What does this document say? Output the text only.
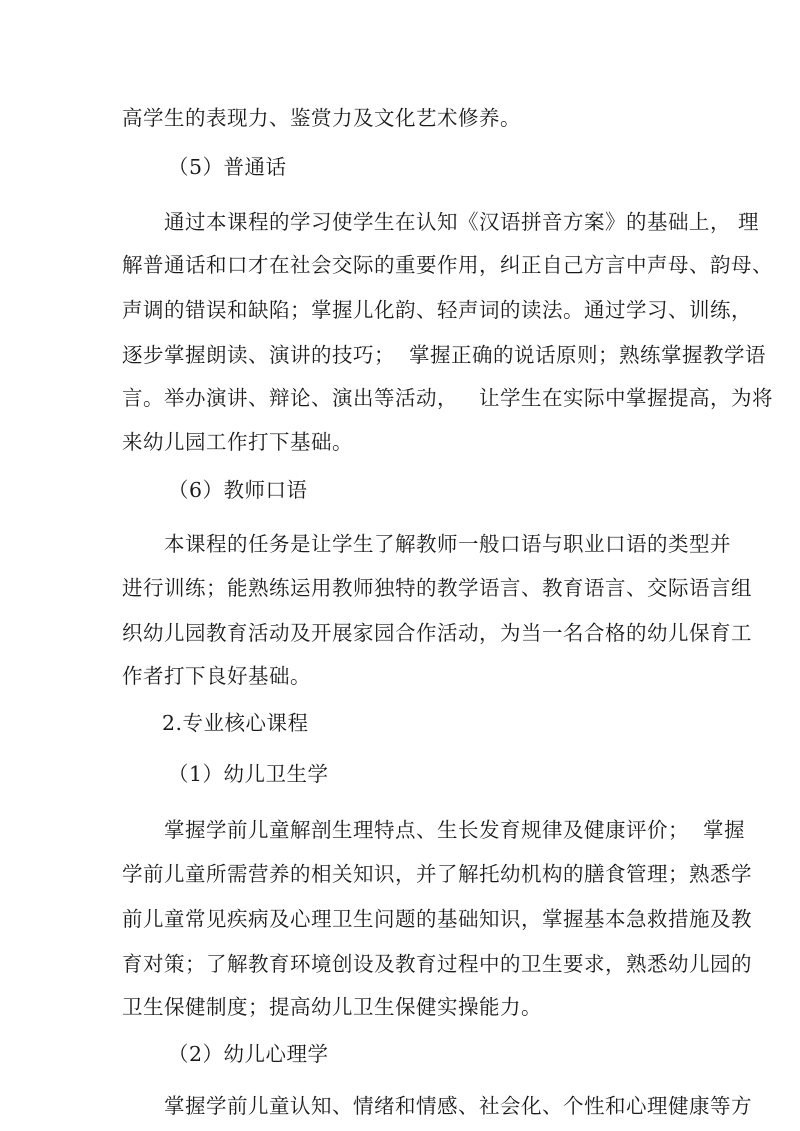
高学生的表现力、鉴赏力及文化艺术修养。
（5）普通话
通过本课程的学习使学生在认知《汉语拼音方案》的基础上， 理
解普通话和口才在社会交际的重要作用，纠正自己方言中声母、韵母、
声调的错误和缺陷；掌握儿化韵、轻声词的读法。通过学习、训练，
逐步掌握朗读、演讲的技巧；  掌握正确的说话原则；熟练掌握教学语
言。举办演讲、辩论、演出等活动，   让学生在实际中掌握提高，为将
来幼儿园工作打下基础。
（6）教师口语
本课程的任务是让学生了解教师一般口语与职业口语的类型并
进行训练；能熟练运用教师独特的教学语言、教育语言、交际语言组
织幼儿园教育活动及开展家园合作活动，为当一名合格的幼儿保育工
作者打下良好基础。
2.专业核心课程
（1）幼儿卫生学
掌握学前儿童解剖生理特点、生长发育规律及健康评价；  掌握
学前儿童所需营养的相关知识，并了解托幼机构的膳食管理；熟悉学
前儿童常见疾病及心理卫生问题的基础知识，掌握基本急救措施及教
育对策；了解教育环境创设及教育过程中的卫生要求，熟悉幼儿园的
卫生保健制度；提高幼儿卫生保健实操能力。
（2）幼儿心理学
掌握学前儿童认知、情绪和情感、社会化、个性和心理健康等方
